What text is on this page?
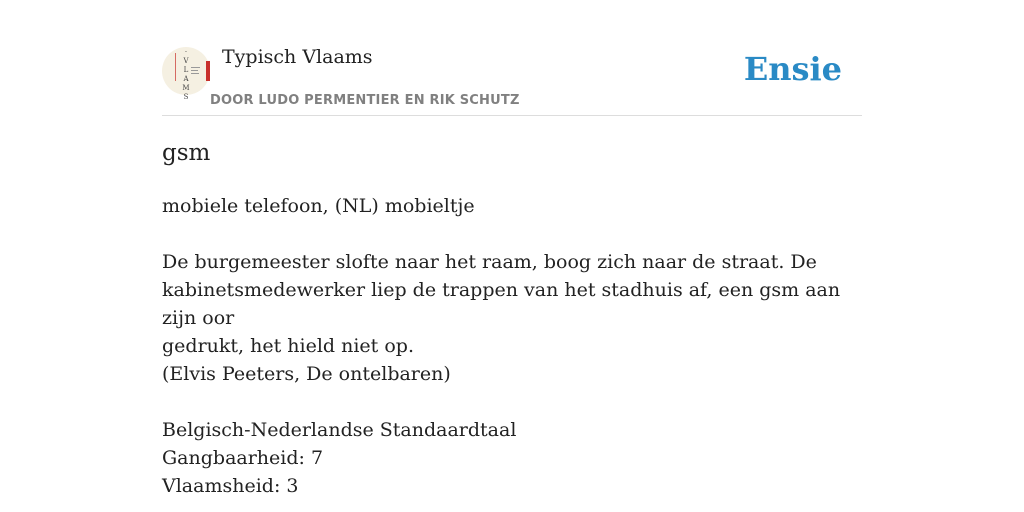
·
V
L
A
M
S
Typisch Vlaams
DOOR LUDO PERMENTIER EN RIK SCHUTZ
Ensie
gsm
mobiele telefoon, (NL) mobieltje
De burgemeester slofte naar het raam, boog zich naar de straat. De
kabinetsmedewerker liep de trappen van het stadhuis af, een gsm aan zijn oor
gedrukt, het hield niet op.
(Elvis Peeters, De ontelbaren)
Belgisch-Nederlandse Standaardtaal
Gangbaarheid: 7
Vlaamsheid: 3
